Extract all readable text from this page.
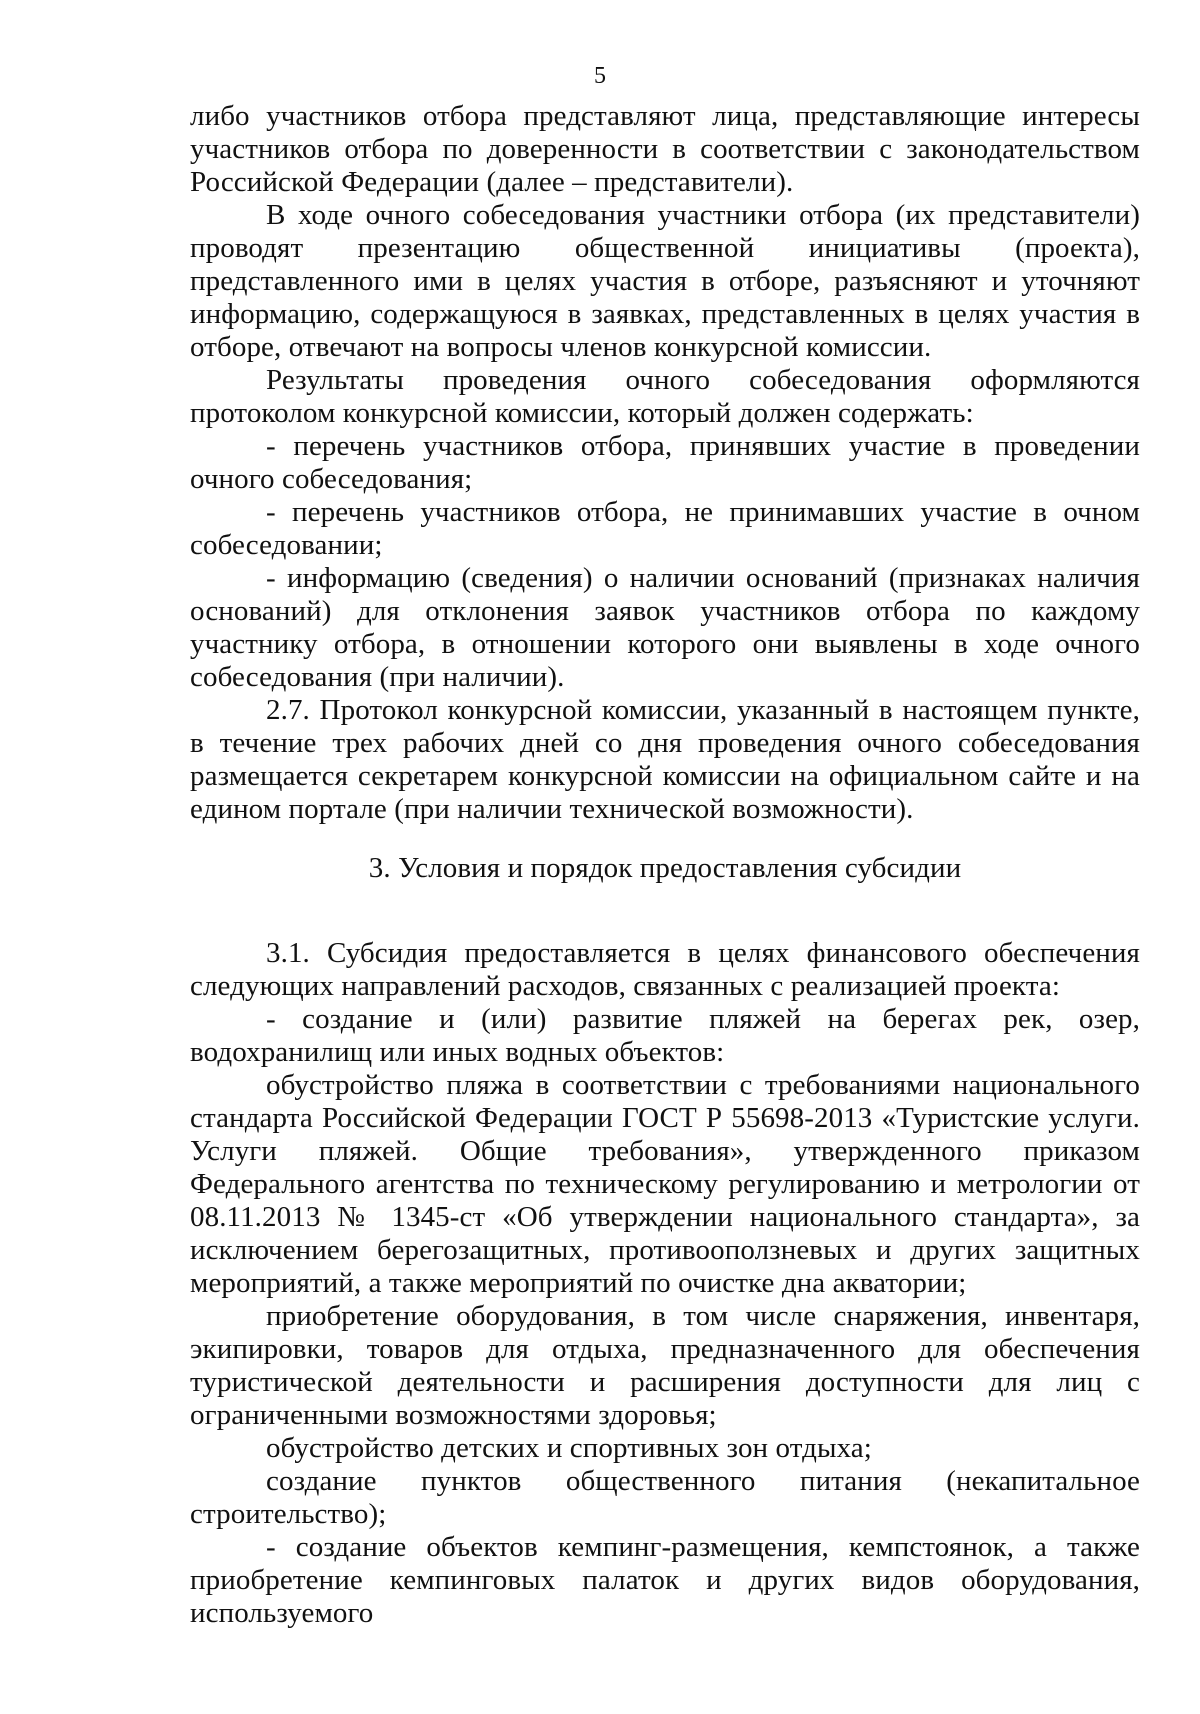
5

либо участников отбора представляют лица, представляющие интересы участников отбора по доверенности в соответствии с законодательством Российской Федерации (далее – представители).

В ходе очного собеседования участники отбора (их представители) проводят презентацию общественной инициативы (проекта), представленного ими в целях участия в отборе, разъясняют и уточняют информацию, содержащуюся в заявках, представленных в целях участия в отборе, отвечают на вопросы членов конкурсной комиссии.

Результаты проведения очного собеседования оформляются протоколом конкурсной комиссии, который должен содержать:

- перечень участников отбора, принявших участие в проведении очного собеседования;

- перечень участников отбора, не принимавших участие в очном собеседовании;

- информацию (сведения) о наличии оснований (признаках наличия оснований) для отклонения заявок участников отбора по каждому участнику отбора, в отношении которого они выявлены в ходе очного собеседования (при наличии).

2.7. Протокол конкурсной комиссии, указанный в настоящем пункте, в течение трех рабочих дней со дня проведения очного собеседования размещается секретарем конкурсной комиссии на официальном сайте и на едином портале (при наличии технической возможности).

3. Условия и порядок предоставления субсидии

3.1. Субсидия предоставляется в целях финансового обеспечения следующих направлений расходов, связанных с реализацией проекта:

- создание и (или) развитие пляжей на берегах рек, озер, водохранилищ или иных водных объектов:

обустройство пляжа в соответствии с требованиями национального стандарта Российской Федерации ГОСТ Р 55698-2013 «Туристские услуги. Услуги пляжей. Общие требования», утвержденного приказом Федерального агентства по техническому регулированию и метрологии от 08.11.2013 № 1345-ст «Об утверждении национального стандарта», за исключением берегозащитных, противооползневых и других защитных мероприятий, а также мероприятий по очистке дна акватории;

приобретение оборудования, в том числе снаряжения, инвентаря, экипировки, товаров для отдыха, предназначенного для обеспечения туристической деятельности и расширения доступности для лиц с ограниченными возможностями здоровья;

обустройство детских и спортивных зон отдыха;

создание пунктов общественного питания (некапитальное строительство);

- создание объектов кемпинг-размещения, кемпстоянок, а также приобретение кемпинговых палаток и других видов оборудования, используемого
